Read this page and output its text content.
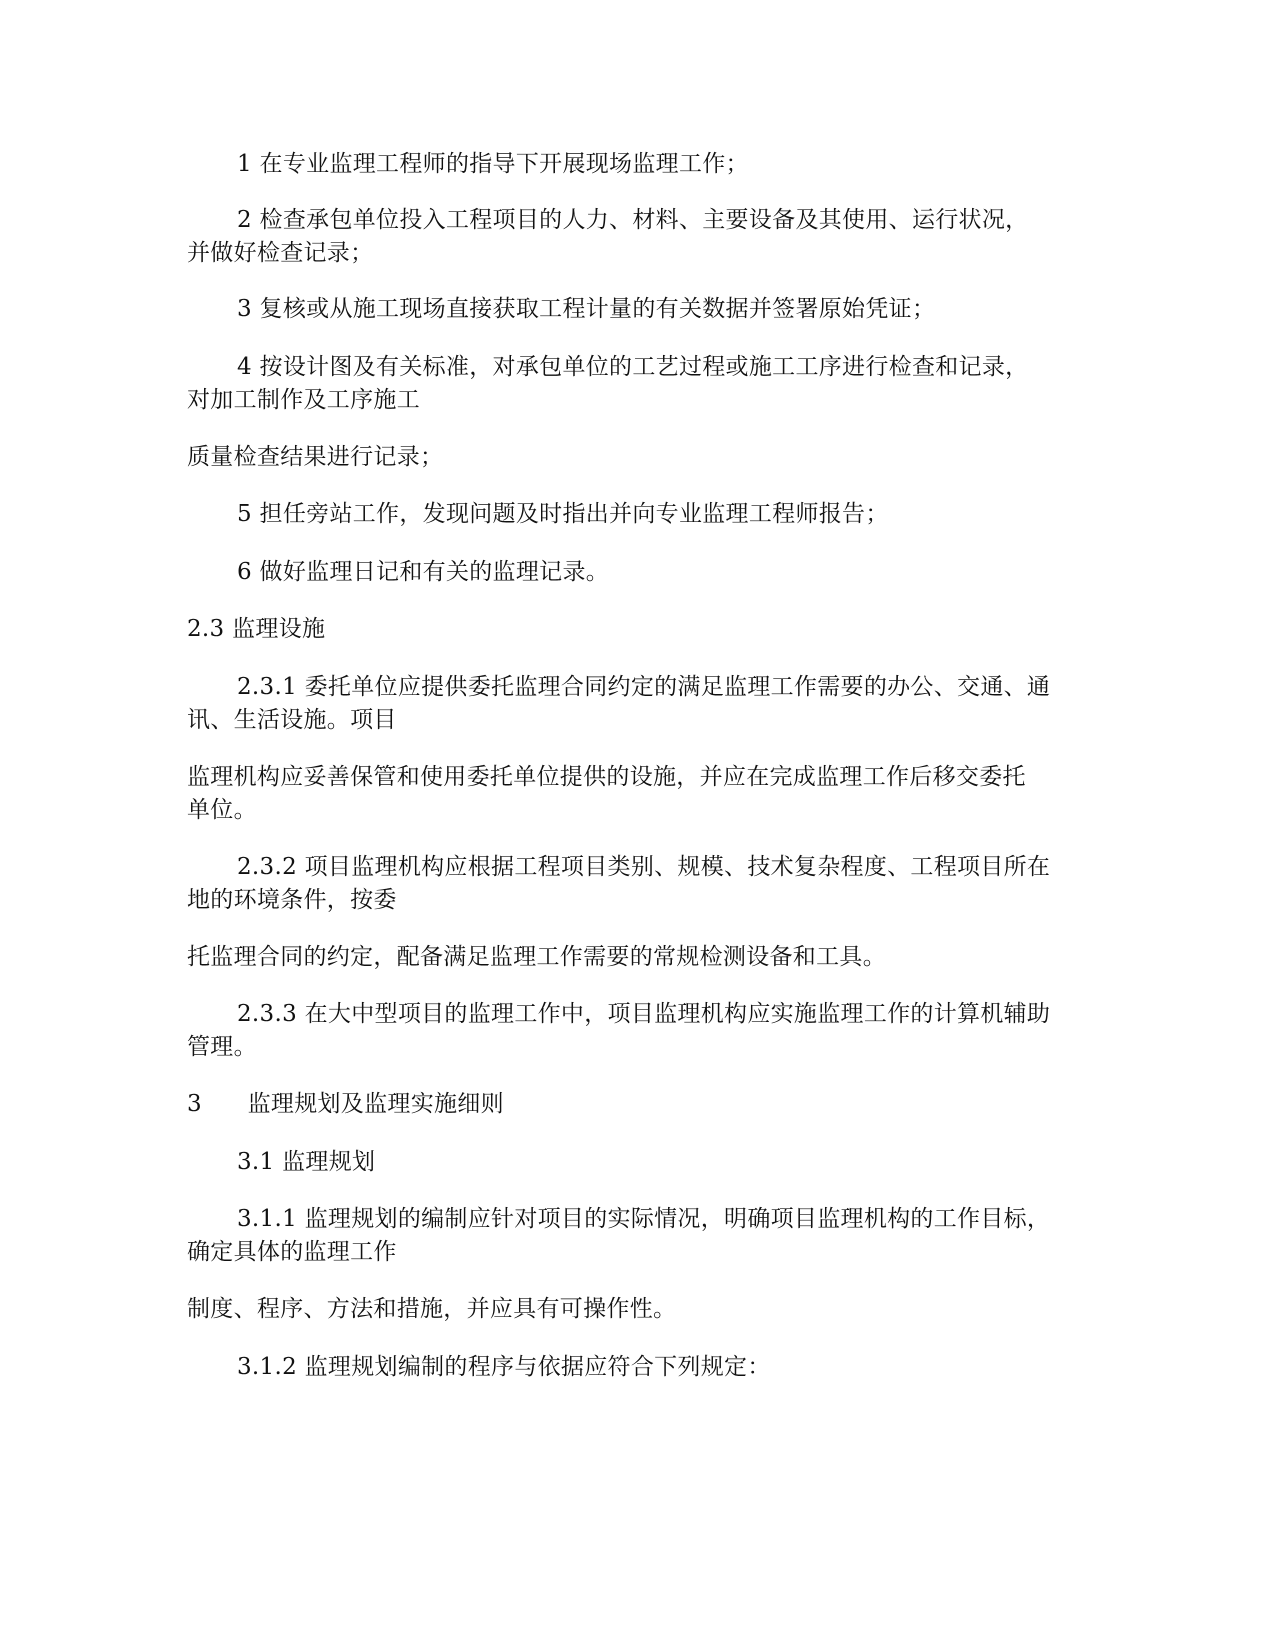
1 在专业监理工程师的指导下开展现场监理工作；
2 检查承包单位投入工程项目的人力、材料、主要设备及其使用、运行状况，
并做好检查记录；
3 复核或从施工现场直接获取工程计量的有关数据并签署原始凭证；
4 按设计图及有关标准，对承包单位的工艺过程或施工工序进行检查和记录，
对加工制作及工序施工
质量检查结果进行记录；
5 担任旁站工作，发现问题及时指出并向专业监理工程师报告；
6 做好监理日记和有关的监理记录。
2.3 监理设施
2.3.1 委托单位应提供委托监理合同约定的满足监理工作需要的办公、交通、通
讯、生活设施。项目
监理机构应妥善保管和使用委托单位提供的设施，并应在完成监理工作后移交委托
单位。
2.3.2 项目监理机构应根据工程项目类别、规模、技术复杂程度、工程项目所在
地的环境条件，按委
托监理合同的约定，配备满足监理工作需要的常规检测设备和工具。
2.3.3 在大中型项目的监理工作中，项目监理机构应实施监理工作的计算机辅助
管理。
3      监理规划及监理实施细则
3.1 监理规划
3.1.1 监理规划的编制应针对项目的实际情况，明确项目监理机构的工作目标，
确定具体的监理工作
制度、程序、方法和措施，并应具有可操作性。
3.1.2 监理规划编制的程序与依据应符合下列规定：
